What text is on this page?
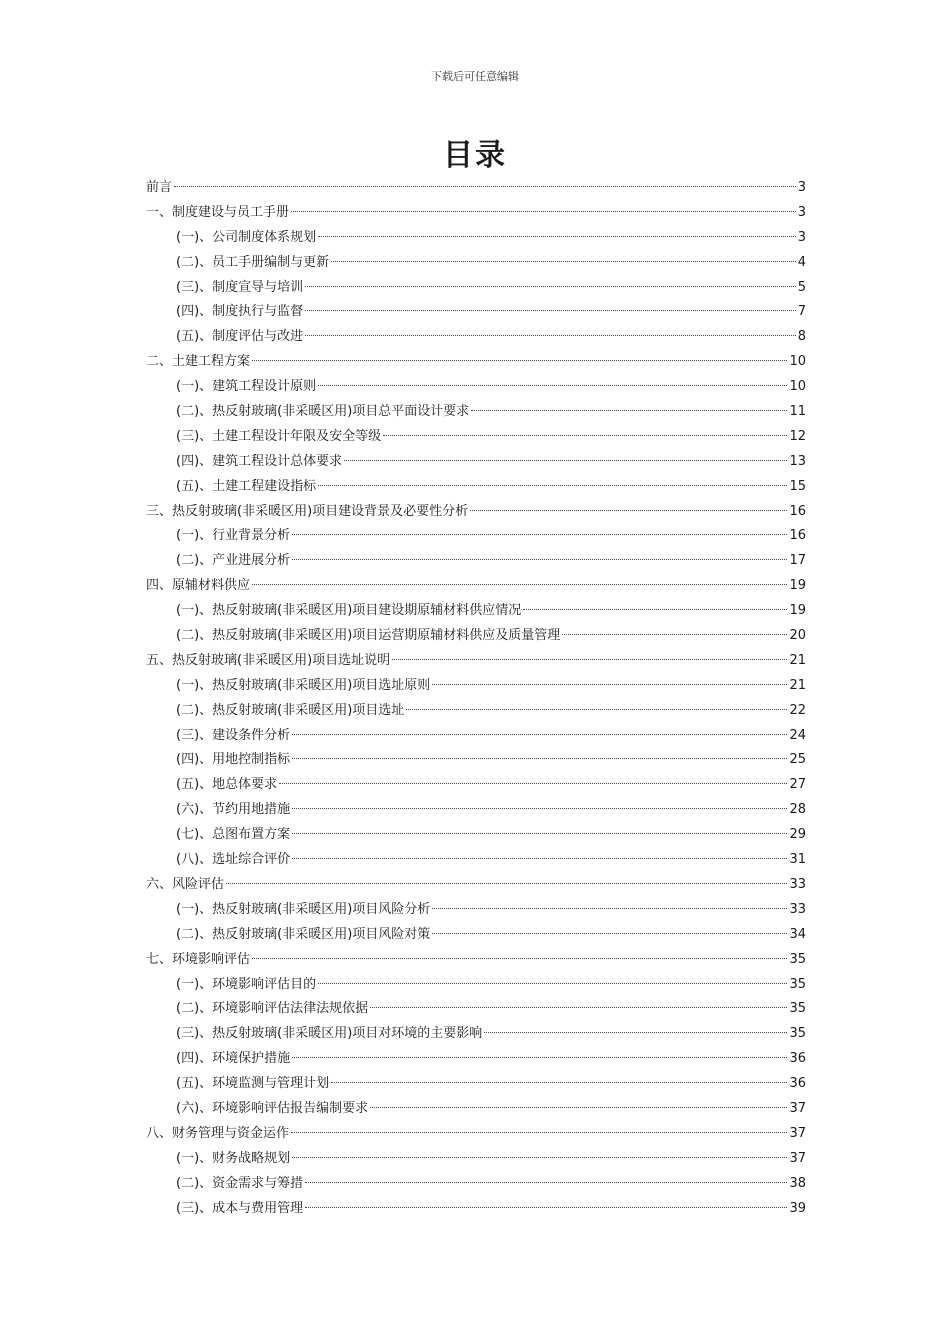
下载后可任意编辑
目录
前言	3
一、制度建设与员工手册	3
(一)、公司制度体系规划	3
(二)、员工手册编制与更新	4
(三)、制度宣导与培训	5
(四)、制度执行与监督	7
(五)、制度评估与改进	8
二、土建工程方案	10
(一)、建筑工程设计原则	10
(二)、热反射玻璃(非采暖区用)项目总平面设计要求	11
(三)、土建工程设计年限及安全等级	12
(四)、建筑工程设计总体要求	13
(五)、土建工程建设指标	15
三、热反射玻璃(非采暖区用)项目建设背景及必要性分析	16
(一)、行业背景分析	16
(二)、产业进展分析	17
四、原辅材料供应	19
(一)、热反射玻璃(非采暖区用)项目建设期原辅材料供应情况	19
(二)、热反射玻璃(非采暖区用)项目运营期原辅材料供应及质量管理	20
五、热反射玻璃(非采暖区用)项目选址说明	21
(一)、热反射玻璃(非采暖区用)项目选址原则	21
(二)、热反射玻璃(非采暖区用)项目选址	22
(三)、建设条件分析	24
(四)、用地控制指标	25
(五)、地总体要求	27
(六)、节约用地措施	28
(七)、总图布置方案	29
(八)、选址综合评价	31
六、风险评估	33
(一)、热反射玻璃(非采暖区用)项目风险分析	33
(二)、热反射玻璃(非采暖区用)项目风险对策	34
七、环境影响评估	35
(一)、环境影响评估目的	35
(二)、环境影响评估法律法规依据	35
(三)、热反射玻璃(非采暖区用)项目对环境的主要影响	35
(四)、环境保护措施	36
(五)、环境监测与管理计划	36
(六)、环境影响评估报告编制要求	37
八、财务管理与资金运作	37
(一)、财务战略规划	37
(二)、资金需求与筹措	38
(三)、成本与费用管理	39
